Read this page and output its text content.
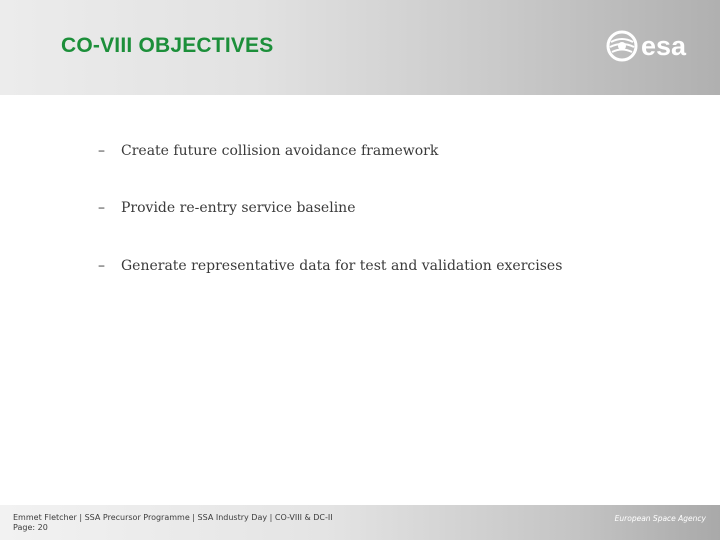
CO-VIII OBJECTIVES	esa
– Create future collision avoidance framework
– Provide re-entry service baseline
– Generate representative data for test and validation exercises
Emmet Fletcher | SSA Precursor Programme | SSA Industry Day | CO-VIII & DC-II
Page: 20
European Space Agency
